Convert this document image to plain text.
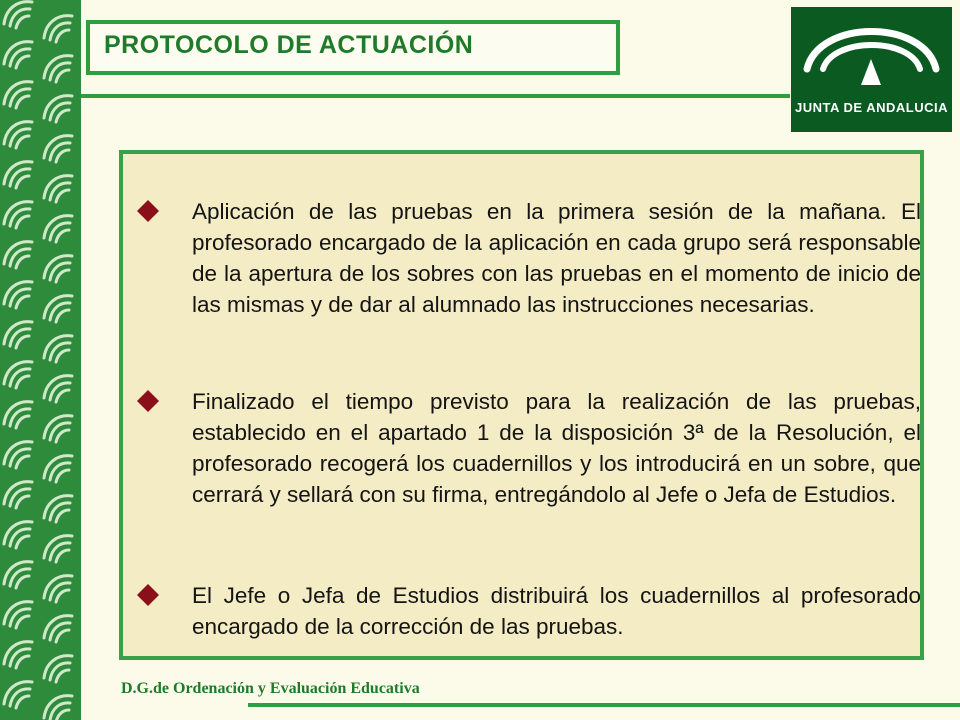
PROTOCOLO DE ACTUACIÓN
JUNTA DE ANDALUCIA
Aplicación de las pruebas en la primera sesión de la mañana. El profesorado encargado de la aplicación en cada grupo será responsable de la apertura de los sobres con las pruebas en el momento de inicio de las mismas y de dar al alumnado las instrucciones necesarias.
Finalizado el tiempo previsto para la realización de las pruebas, establecido en el apartado 1 de la disposición 3ª de la Resolución, el profesorado recogerá los cuadernillos y los introducirá en un sobre, que cerrará y sellará con su firma, entregándolo al Jefe o Jefa de Estudios.
El Jefe o Jefa de Estudios distribuirá los cuadernillos al profesorado encargado de la corrección de las pruebas.
D.G.de Ordenación y Evaluación Educativa
